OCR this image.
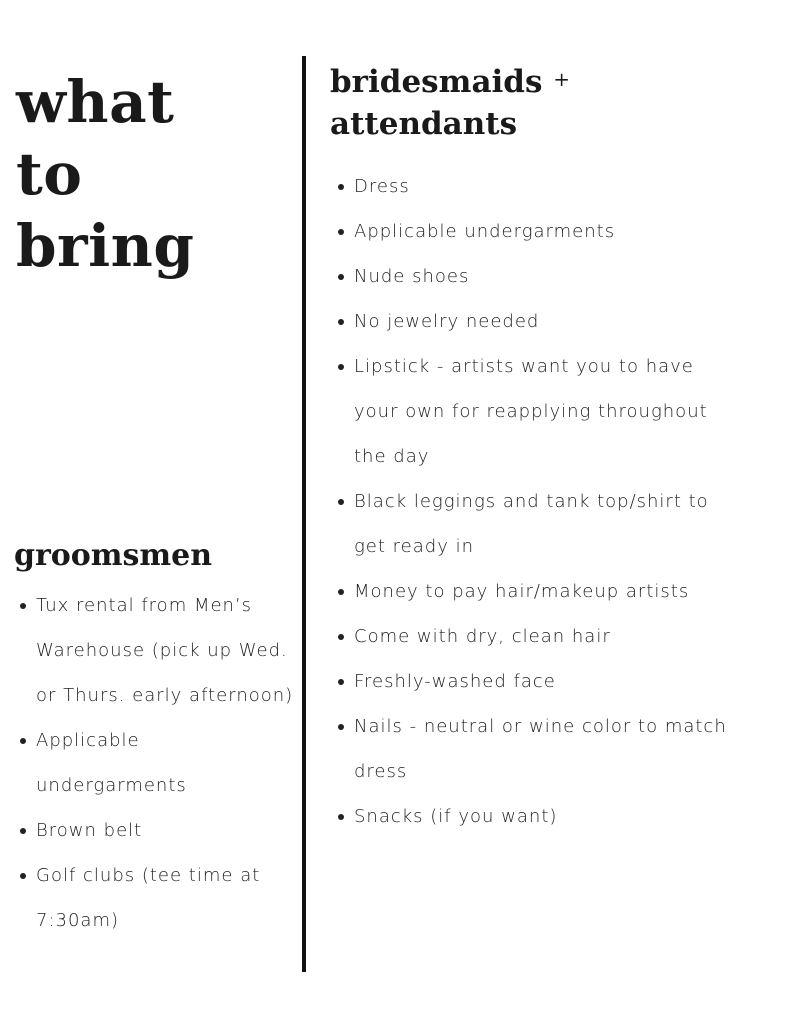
what
to
bring
bridesmaids +
attendants
Dress
Applicable undergarments
Nude shoes
No jewelry needed
Lipstick - artists want you to have your own for reapplying throughout the day
Black leggings and tank top/shirt to get ready in
Money to pay hair/makeup artists
Come with dry, clean hair
Freshly-washed face
Nails - neutral or wine color to match dress
Snacks (if you want)
groomsmen
Tux rental from Men’s Warehouse (pick up Wed. or Thurs. early afternoon)
Applicable undergarments
Brown belt
Golf clubs (tee time at 7:30am)
